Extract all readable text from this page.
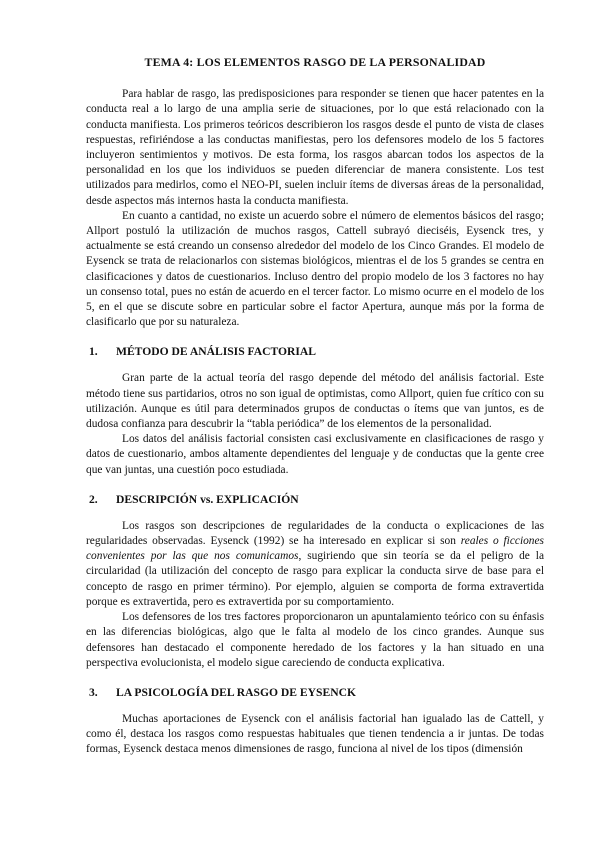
TEMA 4: LOS ELEMENTOS RASGO DE LA PERSONALIDAD

Para hablar de rasgo, las predisposiciones para responder se tienen que hacer patentes en la conducta real a lo largo de una amplia serie de situaciones, por lo que está relacionado con la conducta manifiesta. Los primeros teóricos describieron los rasgos desde el punto de vista de clases respuestas, refiriéndose a las conductas manifiestas, pero los defensores modelo de los 5 factores incluyeron sentimientos y motivos. De esta forma, los rasgos abarcan todos los aspectos de la personalidad en los que los individuos se pueden diferenciar de manera consistente. Los test utilizados para medirlos, como el NEO-PI, suelen incluir ítems de diversas áreas de la personalidad, desde aspectos más internos hasta la conducta manifiesta.

En cuanto a cantidad, no existe un acuerdo sobre el número de elementos básicos del rasgo; Allport postuló la utilización de muchos rasgos, Cattell subrayó dieciséis, Eysenck tres, y actualmente se está creando un consenso alrededor del modelo de los Cinco Grandes. El modelo de Eysenck se trata de relacionarlos con sistemas biológicos, mientras el de los 5 grandes se centra en clasificaciones y datos de cuestionarios. Incluso dentro del propio modelo de los 3 factores no hay un consenso total, pues no están de acuerdo en el tercer factor. Lo mismo ocurre en el modelo de los 5, en el que se discute sobre en particular sobre el factor Apertura, aunque más por la forma de clasificarlo que por su naturaleza.

1. MÉTODO DE ANÁLISIS FACTORIAL

Gran parte de la actual teoría del rasgo depende del método del análisis factorial. Este método tiene sus partidarios, otros no son igual de optimistas, como Allport, quien fue crítico con su utilización. Aunque es útil para determinados grupos de conductas o ítems que van juntos, es de dudosa confianza para descubrir la “tabla periódica” de los elementos de la personalidad.

Los datos del análisis factorial consisten casi exclusivamente en clasificaciones de rasgo y datos de cuestionario, ambos altamente dependientes del lenguaje y de conductas que la gente cree que van juntas, una cuestión poco estudiada.

2. DESCRIPCIÓN vs. EXPLICACIÓN

Los rasgos son descripciones de regularidades de la conducta o explicaciones de las regularidades observadas. Eysenck (1992) se ha interesado en explicar si son reales o ficciones convenientes por las que nos comunicamos, sugiriendo que sin teoría se da el peligro de la circularidad (la utilización del concepto de rasgo para explicar la conducta sirve de base para el concepto de rasgo en primer término). Por ejemplo, alguien se comporta de forma extravertida porque es extravertida, pero es extravertida por su comportamiento.

Los defensores de los tres factores proporcionaron un apuntalamiento teórico con su énfasis en las diferencias biológicas, algo que le falta al modelo de los cinco grandes. Aunque sus defensores han destacado el componente heredado de los factores y la han situado en una perspectiva evolucionista, el modelo sigue careciendo de conducta explicativa.

3. LA PSICOLOGÍA DEL RASGO DE EYSENCK

Muchas aportaciones de Eysenck con el análisis factorial han igualado las de Cattell, y como él, destaca los rasgos como respuestas habituales que tienen tendencia a ir juntas. De todas formas, Eysenck destaca menos dimensiones de rasgo, funciona al nivel de los tipos (dimensión
